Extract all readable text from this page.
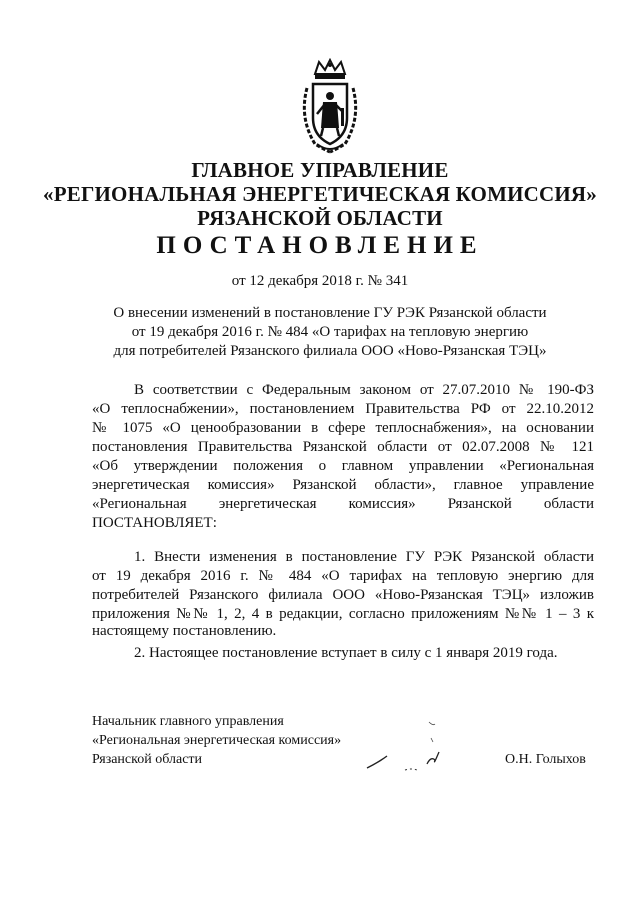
ГЛАВНОЕ УПРАВЛЕНИЕ
«РЕГИОНАЛЬНАЯ ЭНЕРГЕТИЧЕСКАЯ КОМИССИЯ»
РЯЗАНСКОЙ ОБЛАСТИ
ПОСТАНОВЛЕНИЕ
от 12 декабря 2018 г. № 341
О внесении изменений в постановление ГУ РЭК Рязанской области
от 19 декабря 2016 г. № 484 «О тарифах на тепловую энергию
для потребителей Рязанского филиала ООО «Ново-Рязанская ТЭЦ»
В соответствии с Федеральным законом от 27.07.2010 № 190-ФЗ
«О теплоснабжении», постановлением Правительства РФ от 22.10.2012
№ 1075 «О ценообразовании в сфере теплоснабжения», на основании
постановления Правительства Рязанской области от 02.07.2008 № 121
«Об утверждении положения о главном управлении «Региональная
энергетическая комиссия» Рязанской области», главное управление
«Региональная энергетическая комиссия» Рязанской области
ПОСТАНОВЛЯЕТ:
1. Внести изменения в постановление ГУ РЭК Рязанской области
от 19 декабря 2016 г. № 484 «О тарифах на тепловую энергию для
потребителей Рязанского филиала ООО «Ново-Рязанская ТЭЦ» изложив
приложения №№ 1, 2, 4 в редакции, согласно приложениям №№ 1 – 3 к
настоящему постановлению.
2. Настоящее постановление вступает в силу с 1 января 2019 года.
Начальник главного управления
«Региональная энергетическая комиссия»
Рязанской области	О.Н. Голыхов
